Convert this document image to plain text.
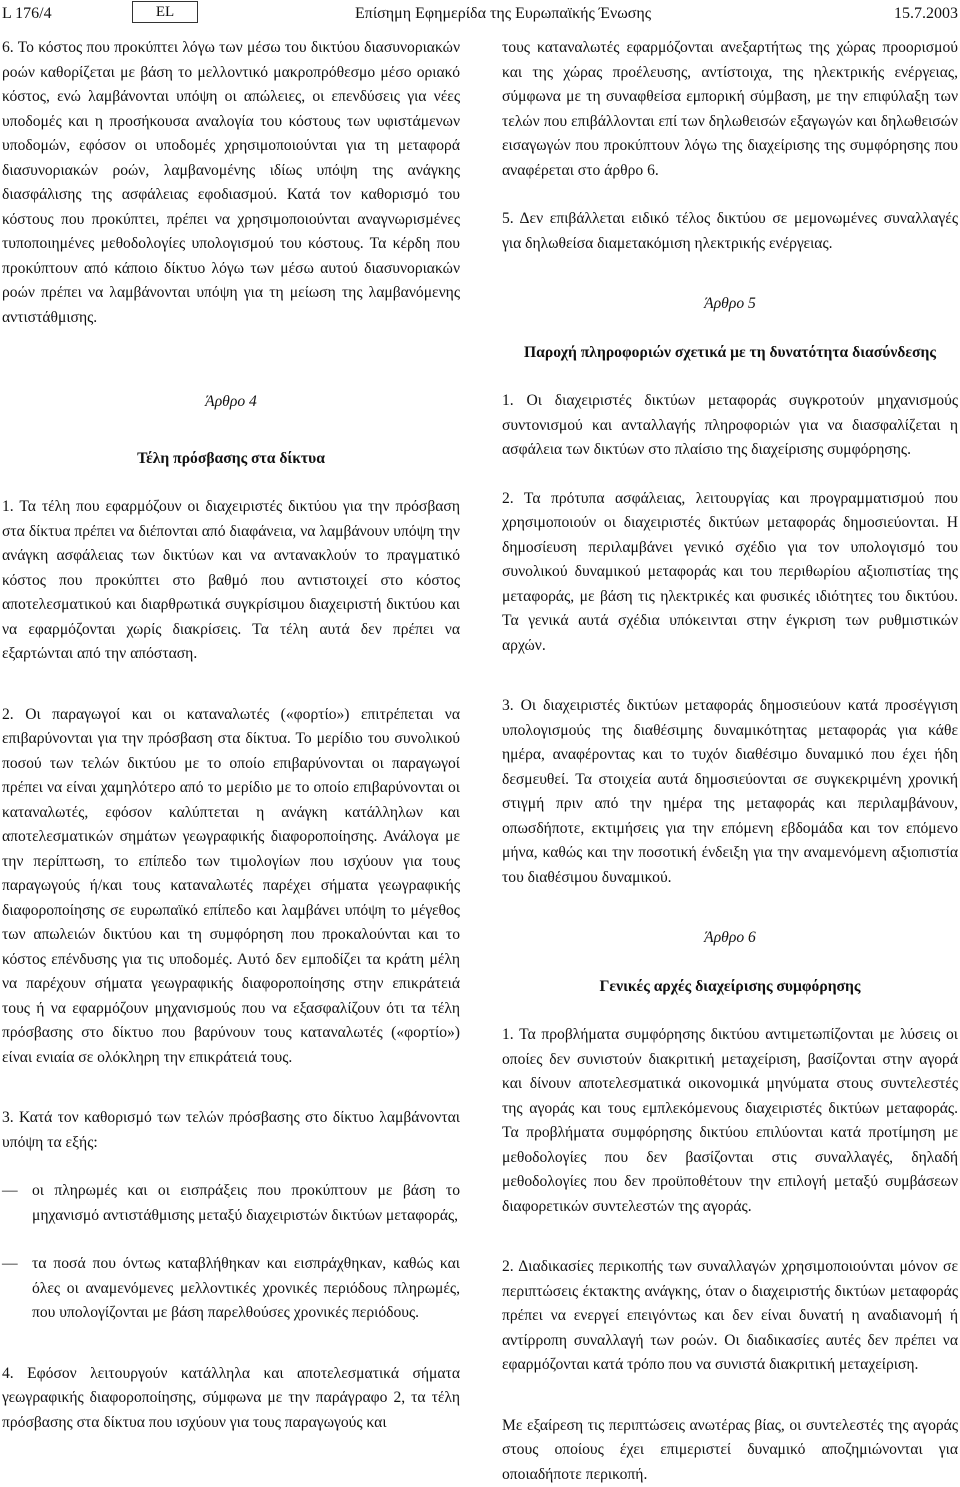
L 176/4	EL	Επίσημη Εφημερίδα της Ευρωπαϊκής Ένωσης	15.7.2003

6. Το κόστος που προκύπτει λόγω των μέσω του δικτύου διασυνοριακών ροών καθορίζεται με βάση το μελλοντικό μακροπρόθεσμο μέσο οριακό κόστος, ενώ λαμβάνονται υπόψη οι απώλειες, οι επενδύσεις για νέες υποδομές και η προσήκουσα αναλογία του κόστους των υφιστάμενων υποδομών, εφόσον οι υποδομές χρησιμοποιούνται για τη μεταφορά διασυνοριακών ροών, λαμβανομένης ιδίως υπόψη της ανάγκης διασφάλισης της ασφάλειας εφοδιασμού. Κατά τον καθορισμό του κόστους που προκύπτει, πρέπει να χρησιμοποιούνται αναγνωρισμένες τυποποιημένες μεθοδολογίες υπολογισμού του κόστους. Τα κέρδη που προκύπτουν από κάποιο δίκτυο λόγω των μέσω αυτού διασυνοριακών ροών πρέπει να λαμβάνονται υπόψη για τη μείωση της λαμβανόμενης αντιστάθμισης.

Άρθρο 4

Τέλη πρόσβασης στα δίκτυα

1. Τα τέλη που εφαρμόζουν οι διαχειριστές δικτύου για την πρόσβαση στα δίκτυα πρέπει να διέπονται από διαφάνεια, να λαμβάνουν υπόψη την ανάγκη ασφάλειας των δικτύων και να αντανακλούν το πραγματικό κόστος που προκύπτει στο βαθμό που αντιστοιχεί στο κόστος αποτελεσματικού και διαρθρωτικά συγκρίσιμου διαχειριστή δικτύου και να εφαρμόζονται χωρίς διακρίσεις. Τα τέλη αυτά δεν πρέπει να εξαρτώνται από την απόσταση.

2. Οι παραγωγοί και οι καταναλωτές («φορτίο») επιτρέπεται να επιβαρύνονται για την πρόσβαση στα δίκτυα. Το μερίδιο του συνολικού ποσού των τελών δικτύου με το οποίο επιβαρύνονται οι παραγωγοί πρέπει να είναι χαμηλότερο από το μερίδιο με το οποίο επιβαρύνονται οι καταναλωτές, εφόσον καλύπτεται η ανάγκη κατάλληλων και αποτελεσματικών σημάτων γεωγραφικής διαφοροποίησης. Ανάλογα με την περίπτωση, το επίπεδο των τιμολογίων που ισχύουν για τους παραγωγούς ή/και τους καταναλωτές παρέχει σήματα γεωγραφικής διαφοροποίησης σε ευρωπαϊκό επίπεδο και λαμβάνει υπόψη το μέγεθος των απωλειών δικτύου και τη συμφόρηση που προκαλούνται και το κόστος επένδυσης για τις υποδομές. Αυτό δεν εμποδίζει τα κράτη μέλη να παρέχουν σήματα γεωγραφικής διαφοροποίησης στην επικράτειά τους ή να εφαρμόζουν μηχανισμούς που να εξασφαλίζουν ότι τα τέλη πρόσβασης στο δίκτυο που βαρύνουν τους καταναλωτές («φορτίο») είναι ενιαία σε ολόκληρη την επικράτειά τους.

3. Κατά τον καθορισμό των τελών πρόσβασης στο δίκτυο λαμβάνονται υπόψη τα εξής:

— οι πληρωμές και οι εισπράξεις που προκύπτουν με βάση το μηχανισμό αντιστάθμισης μεταξύ διαχειριστών δικτύων μεταφοράς,
— τα ποσά που όντως καταβλήθηκαν και εισπράχθηκαν, καθώς και όλες οι αναμενόμενες μελλοντικές χρονικές περιόδους πληρωμές, που υπολογίζονται με βάση παρελθούσες χρονικές περιόδους.

4. Εφόσον λειτουργούν κατάλληλα και αποτελεσματικά σήματα γεωγραφικής διαφοροποίησης, σύμφωνα με την παράγραφο 2, τα τέλη πρόσβασης στα δίκτυα που ισχύουν για τους παραγωγούς και

τους καταναλωτές εφαρμόζονται ανεξαρτήτως της χώρας προορισμού και της χώρας προέλευσης, αντίστοιχα, της ηλεκτρικής ενέργειας, σύμφωνα με τη συναφθείσα εμπορική σύμβαση, με την επιφύλαξη των τελών που επιβάλλονται επί των δηλωθεισών εξαγωγών και δηλωθεισών εισαγωγών που προκύπτουν λόγω της διαχείρισης της συμφόρησης που αναφέρεται στο άρθρο 6.

5. Δεν επιβάλλεται ειδικό τέλος δικτύου σε μεμονωμένες συναλλαγές για δηλωθείσα διαμετακόμιση ηλεκτρικής ενέργειας.

Άρθρο 5

Παροχή πληροφοριών σχετικά με τη δυνατότητα διασύνδεσης

1. Οι διαχειριστές δικτύων μεταφοράς συγκροτούν μηχανισμούς συντονισμού και ανταλλαγής πληροφοριών για να διασφαλίζεται η ασφάλεια των δικτύων στο πλαίσιο της διαχείρισης συμφόρησης.

2. Τα πρότυπα ασφάλειας, λειτουργίας και προγραμματισμού που χρησιμοποιούν οι διαχειριστές δικτύων μεταφοράς δημοσιεύονται. Η δημοσίευση περιλαμβάνει γενικό σχέδιο για τον υπολογισμό του συνολικού δυναμικού μεταφοράς και του περιθωρίου αξιοπιστίας της μεταφοράς, με βάση τις ηλεκτρικές και φυσικές ιδιότητες του δικτύου. Τα γενικά αυτά σχέδια υπόκεινται στην έγκριση των ρυθμιστικών αρχών.

3. Οι διαχειριστές δικτύων μεταφοράς δημοσιεύουν κατά προσέγγιση υπολογισμούς της διαθέσιμης δυναμικότητας μεταφοράς για κάθε ημέρα, αναφέροντας και το τυχόν διαθέσιμο δυναμικό που έχει ήδη δεσμευθεί. Τα στοιχεία αυτά δημοσιεύονται σε συγκεκριμένη χρονική στιγμή πριν από την ημέρα της μεταφοράς και περιλαμβάνουν, οπωσδήποτε, εκτιμήσεις για την επόμενη εβδομάδα και τον επόμενο μήνα, καθώς και την ποσοτική ένδειξη για την αναμενόμενη αξιοπιστία του διαθέσιμου δυναμικού.

Άρθρο 6

Γενικές αρχές διαχείρισης συμφόρησης

1. Τα προβλήματα συμφόρησης δικτύου αντιμετωπίζονται με λύσεις οι οποίες δεν συνιστούν διακριτική μεταχείριση, βασίζονται στην αγορά και δίνουν αποτελεσματικά οικονομικά μηνύματα στους συντελεστές της αγοράς και τους εμπλεκόμενους διαχειριστές δικτύων μεταφοράς. Τα προβλήματα συμφόρησης δικτύου επιλύονται κατά προτίμηση με μεθοδολογίες που δεν βασίζονται στις συναλλαγές, δηλαδή μεθοδολογίες που δεν προϋποθέτουν την επιλογή μεταξύ συμβάσεων διαφορετικών συντελεστών της αγοράς.

2. Διαδικασίες περικοπής των συναλλαγών χρησιμοποιούνται μόνον σε περιπτώσεις έκτακτης ανάγκης, όταν ο διαχειριστής δικτύων μεταφοράς πρέπει να ενεργεί επειγόντως και δεν είναι δυνατή η αναδιανομή ή αντίρροπη συναλλαγή των ροών. Οι διαδικασίες αυτές δεν πρέπει να εφαρμόζονται κατά τρόπο που να συνιστά διακριτική μεταχείριση.

Με εξαίρεση τις περιπτώσεις ανωτέρας βίας, οι συντελεστές της αγοράς στους οποίους έχει επιμεριστεί δυναμικό αποζημιώνονται για οποιαδήποτε περικοπή.
